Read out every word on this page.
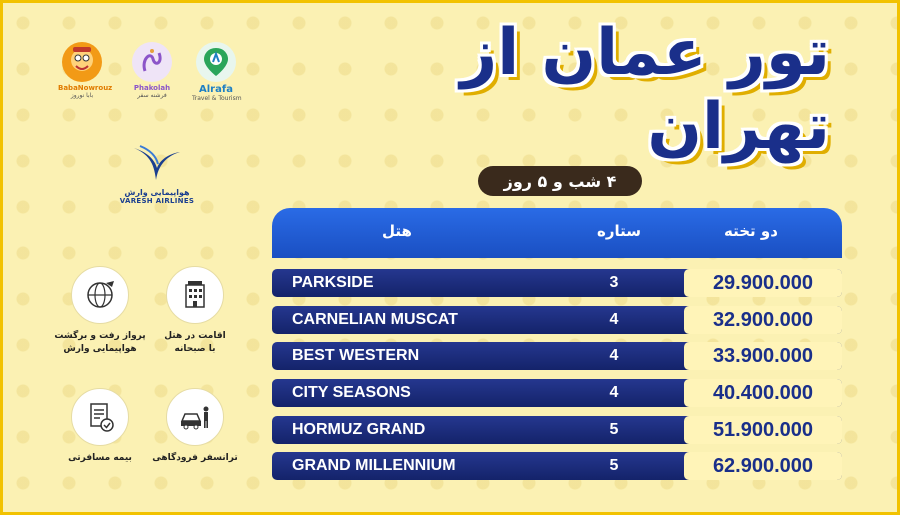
BabaNowrouz
بابا نوروز
Phakolah
فرشنه سفر
Alrafa
Travel & Tourism
هواپیمایی وارش
VARESH AIRLINES
تور عمان از تهران
۴ شب و ۵ روز
هتل	ستاره	دو تخته
PARKSIDE	3	29.900.000
CARNELIAN MUSCAT	4	32.900.000
BEST WESTERN	4	33.900.000
CITY SEASONS	4	40.400.000
HORMUZ GRAND	5	51.900.000
GRAND MILLENNIUM	5	62.900.000
پرواز رفت و برگشت
هواپیمایی وارش
اقامت در هتل
با صبحانه
بیمه مسافرتی	ترانسفر فرودگاهی
